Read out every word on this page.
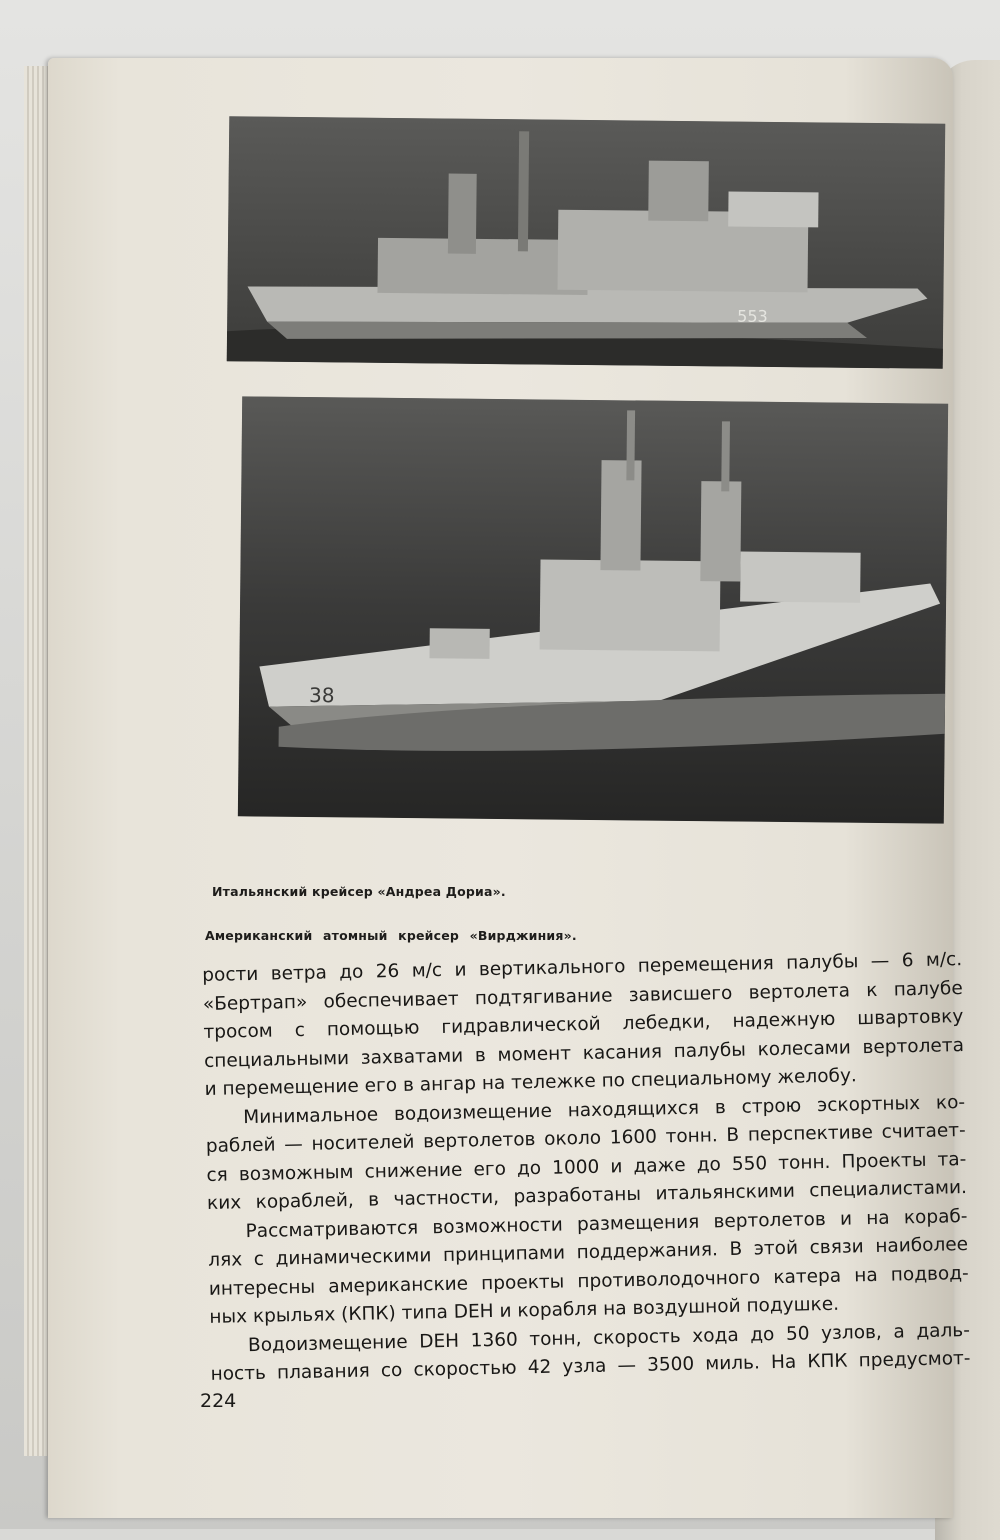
553
38
Итальянский крейсер «Андреа Дориа».
Американский атомный крейсер «Вирджиния».
рости ветра до 26 м/с и вертикального перемещения палубы — 6 м/с.
«Бертрап» обеспечивает подтягивание зависшего вертолета к палубе
тросом с помощью гидравлической лебедки, надежную швартовку
специальными захватами в момент касания палубы колесами вертолета
и перемещение его в ангар на тележке по специальному желобу.
Минимальное водоизмещение находящихся в строю эскортных ко-
раблей — носителей вертолетов около 1600 тонн. В перспективе считает-
ся возможным снижение его до 1000 и даже до 550 тонн. Проекты та-
ких кораблей, в частности, разработаны итальянскими специалистами.
Рассматриваются возможности размещения вертолетов и на кораб-
лях с динамическими принципами поддержания. В этой связи наиболее
интересны американские проекты противолодочного катера на подвод-
ных крыльях (КПК) типа DEH и корабля на воздушной подушке.
Водоизмещение DEH 1360 тонн, скорость хода до 50 узлов, а даль-
ность плавания со скоростью 42 узла — 3500 миль. На КПК предусмот-
224
